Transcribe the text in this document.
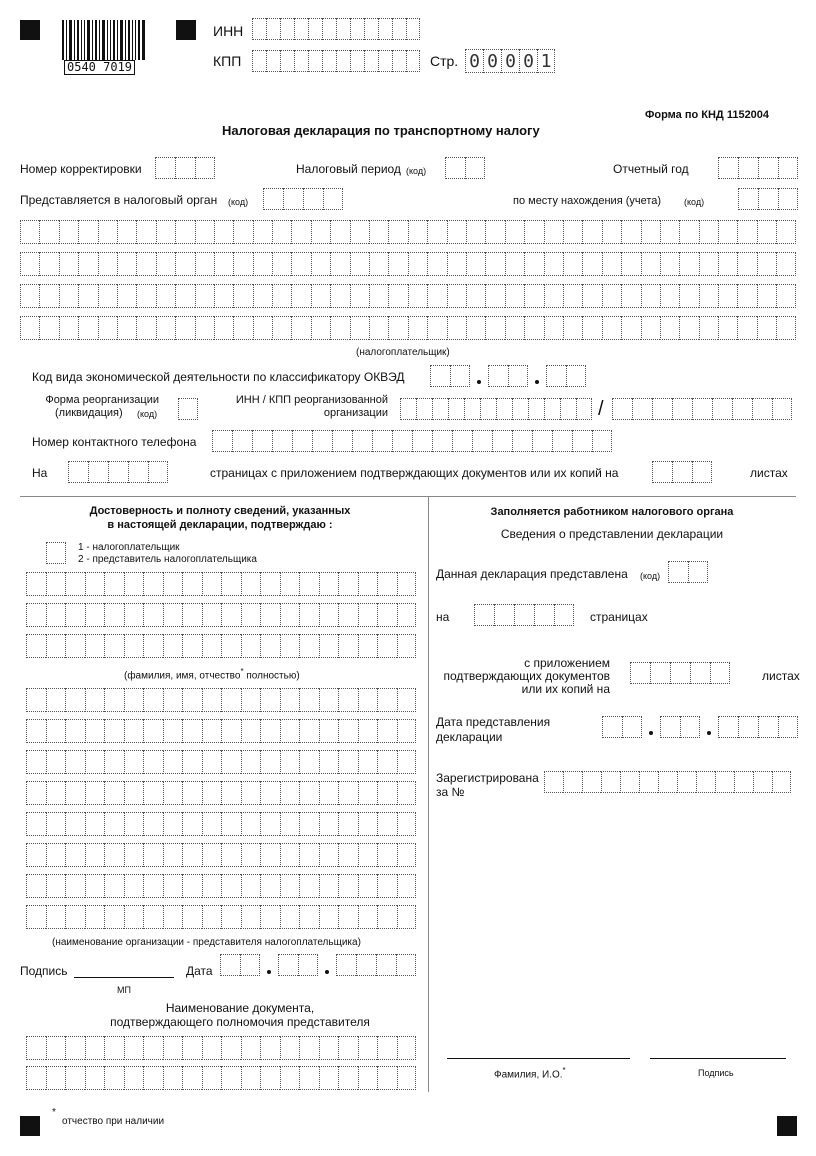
0540 7019
ИНН
КПП	Стр. 0 0 0 0 1
Форма по КНД 1152004
Налоговая декларация по транспортному налогу
Номер корректировки	Налоговый период (код)	Отчетный год
Представляется в налоговый орган (код)	по месту нахождения (учета)	(код)
(налогоплательщик)
Код вида экономической деятельности по классификатору ОКВЭД
Форма реорганизации
(ликвидация) (код)
ИНН / КПП реорганизованной
организации	/
Номер контактного телефона
На	страницах с приложением подтверждающих документов или их копий на	листах
Достоверность и полноту сведений, указанных
в настоящей декларации, подтверждаю :
1 - налогоплательщик
2 - представитель налогоплательщика
(фамилия, имя, отчество* полностью)
(наименование организации - представителя налогоплательщика)
Подпись
МП
Дата
Наименование документа,
подтверждающего полномочия представителя
Заполняется работником налогового органа
Сведения о представлении декларации
Данная декларация представлена (код)
на	страницах
с приложением
подтверждающих документов
или их копий на
листах
Дата представления
декларации
Зарегистрирована
за №
Фамилия, И.О.*	Подпись
*
отчество при наличии
